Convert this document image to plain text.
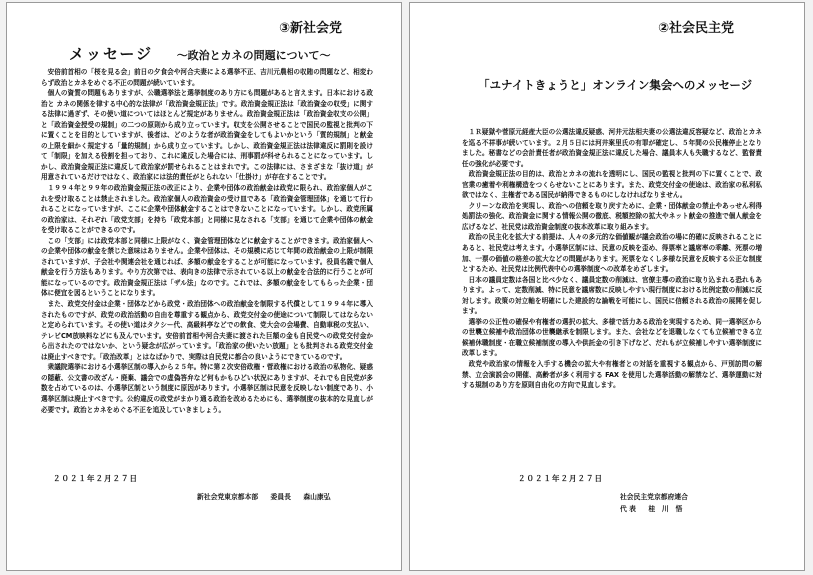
③新社会党
メッセージ ～政治とカネの問題について～

安倍前首相の「桜を見る会」前日の夕食会や河合夫妻による選挙不正、吉川元農相の収賄の問題など、相変わらず政治とカネをめぐる不正の問題が続いています。

個人の資質の問題もありますが、公職選挙法と選挙制度のあり方にも問題があると言えます。日本における政治と カネの関係を律する中心的な法律が「政治資金規正法」です。政治資金規正法は「政治資金の収受」に関する法律に過ぎず、その使い道についてはほとんど規定がありません。政治資金規正法は「政治資金収支の公開」と「政治資金授受の規制」の二つの原則から成り立っています。収支を公開させることで国民の監視と批判の下に置くことを目的としていますが、後者は、どのような者が政治資金をしてもよいかという「質的規制」と献金の上限を細かく規定する「量的規制」から成り立っています。しかし、政治資金規正法は法律違反に罰則を設けて「制限」を加える役割を担っており、これに違反した場合には、刑事罰が科せられることになっています。しかし、政治資金規正法に違反して政治家が罰せられることはまれです。この法律には、さまざまな「抜け道」が用意されているだけではなく、政治家には法的責任がとられない「仕掛け」が存在することです。

１９９４年と９９年の政治資金規正法の改正により、企業や団体の政治献金は政党に限られ、政治家個人がこれを受け取ることは禁止されました。政治家個人の政治資金の受け皿である「政治資金管理団体」を通じて行われることになっていますが、ここに企業や団体献金することはできないことになっています。しかし、政党所属の政治家は、それぞれ「政党支部」を持ち「政党本部」と同様に見なされる「支部」を通じて企業や団体の献金を受け取ることができるのです。

この「支部」には政党本部と同様に上限がなく、資金管理団体などに献金することができます。政治家個人への企業や団体の献金を禁じた意味はありません。企業や団体は、その規模に応じて年間の政治献金の上限が制限されていますが、子会社や関連会社を通じれば、多額の献金をすることが可能になっています。役員名義で個人献金を行う方法もあります。やり方次第では、表向きの法律で示されている以上の献金を合法的に行うことが可能になっているのです。政治資金規正法は「ザル法」なのです。これでは、多額の献金をしてもらった企業・団体に便宜を図るということになります。

また、政党交付金は企業・団体などから政党・政治団体への政治献金を制限する代償として１９９４年に導入されたものですが、政党の政治活動の自由を尊重する観点から、政党交付金の使途について制限してはならないと定められています。その使い道はタクシー代、高級料亭などでの飲食、党大会の会場費、自動車税の支払い、テレビCM放映料などにも及んでいます。安倍前首相や河合夫妻に渡された巨額の金も自民党への政党交付金から出されたのではないか、という疑念が広がっています。「政治家の使いたい放題」とも批判される政党交付金は廃止すべきです。「政治改革」とはなばかりで、実際は自民党に都合の良いようにできているのです。

衆議院選挙における小選挙区制の導入から２５年。特に第２次安倍政権・菅政権における政治の私物化、疑惑の隠蔽、公文書の改ざん・廃棄、議会での虚偽答弁など何もかもひどい状況にありますが、それでも自民党が多数を占めているのは、小選挙区制という制度に原因があります。小選挙区制は民意を反映しない制度であり、小選挙区制は廃止すべきです。公約違反の政党がまかり通る政治を改めるためにも、選挙制度の抜本的な見直しが必要です。政治とカネをめぐる不正を追及していきましょう。

２０２１年２月２７日
新社会党東京都本部 委員長 森山康弘
②社会民主党
「ユナイトきょうと」オンライン集会へのメッセージ

１Ｒ疑獄や菅原元経産大臣の公選法違反疑惑、河井元法相夫妻の公選法違反容疑など、政治とカネを巡る不祥事が続いています。２月５日には河井案里氏の有罪が確定し、５年間の公民権停止となりました。秘書などの会計責任者が政治資金規正法に違反した場合、議員本人も失職するなど、監督責任の強化が必要です。

政治資金規正法の目的は、政治とカネの流れを透明にし、国民の監視と批判の下に置くことで、政官業の癒着や利権構造をつくらせないことにあります。また、政党交付金の使途は、政治家の私利私欲ではなく、主権者である国民が納得できるものにしなければなりません。

クリーンな政治を実現し、政治への信頼を取り戻すために、企業・団体献金の禁止やあっせん利得処罰法の強化、政治資金に関する情報公開の徹底、税額控除の拡大やネット献金の推進で個人献金を広げるなど、社民党は政治資金制度の抜本改革に取り組みます。

政治の民主化を拡大する前提は、人々の多元的な価値観が議会政治の場に的確に反映されることにあると、社民党は考えます。小選挙区制には、民意の反映を歪め、得票率と議席率の乖離、死票の増加、一票の価値の格差の拡大などの問題があります。死票をなくし多様な民意を反映する公正な制度とするため、社民党は比例代表中心の選挙制度への改革をめざします。

日本の議員定数は各国と比べ少なく、議員定数の削減は、官僚主導の政治に取り込まれる恐れもあります。よって、定数削減、特に民意を議席数に反映しやすい現行制度における比例定数の削減に反対します。政策の対立軸を明確にした建設的な論戦を可能にし、国民に信頼される政治の展開を促します。

選挙の公正性の確保や有権者の選択の拡大、多様で活力ある政治を実現するため、同一選挙区からの世襲立候補や政治団体の世襲継承を制限します。また、会社などを退職しなくても立候補できる立候補休職制度・在職立候補制度の導入や供託金の引き下げなど、だれもが立候補しやすい選挙制度に改革します。

政党や政治家の情報を入手する機会の拡大や有権者との対話を重視する観点から、戸別訪問の解禁、立会演説会の開催、高齢者が多く利用する FAX を使用した選挙活動の解禁など、選挙運動に対する規制のあり方を原則自由化の方向で見直します。

２０２１年２月２７日
社会民主党京都府連合
代 表 桂　川　悟
